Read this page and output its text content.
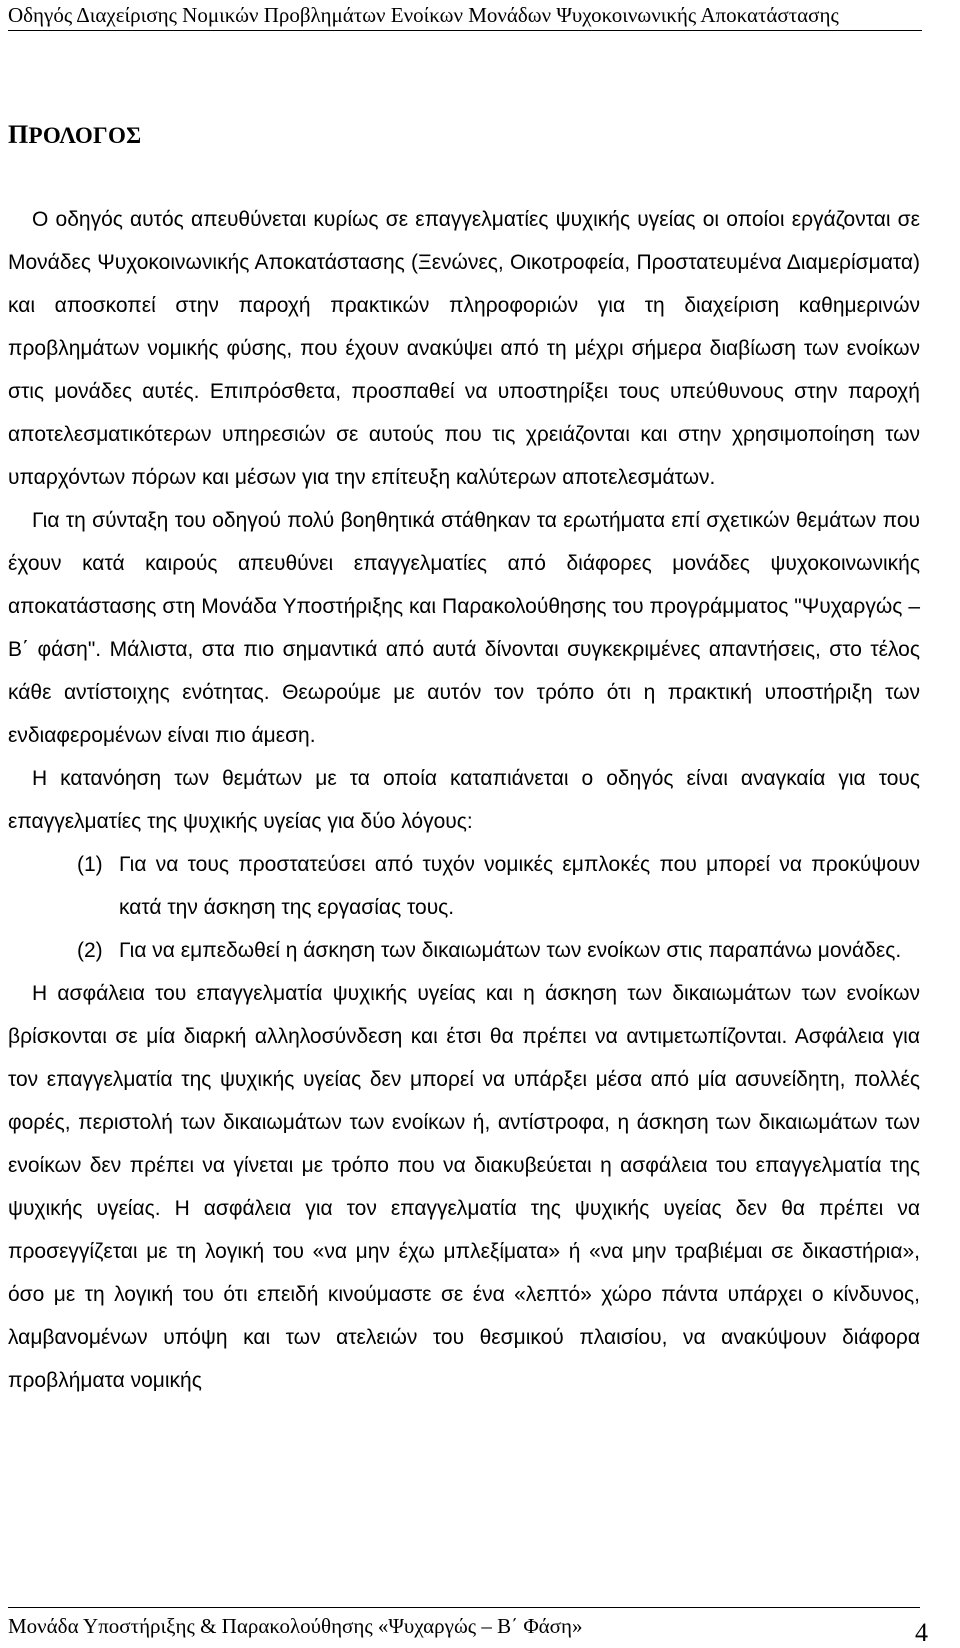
Οδηγός Διαχείρισης Νομικών Προβλημάτων Ενοίκων Μονάδων Ψυχοκοινωνικής Αποκατάστασης
ΠΡΟΛΟΓΟΣ

Ο οδηγός αυτός απευθύνεται κυρίως σε επαγγελματίες ψυχικής υγείας οι οποίοι εργάζονται σε Μονάδες Ψυχοκοινωνικής Αποκατάστασης (Ξενώνες, Οικοτροφεία, Προστατευμένα Διαμερίσματα) και αποσκοπεί στην παροχή πρακτικών πληροφοριών για τη διαχείριση καθημερινών προβλημάτων νομικής φύσης, που έχουν ανακύψει από τη μέχρι σήμερα διαβίωση των ενοίκων στις μονάδες αυτές. Επιπρόσθετα, προσπαθεί να υποστηρίξει τους υπεύθυνους στην παροχή αποτελεσματικότερων υπηρεσιών σε αυτούς που τις χρειάζονται και στην χρησιμοποίηση των υπαρχόντων πόρων και μέσων για την επίτευξη καλύτερων αποτελεσμάτων.

Για τη σύνταξη του οδηγού πολύ βοηθητικά στάθηκαν τα ερωτήματα επί σχετικών θεμάτων που έχουν κατά καιρούς απευθύνει επαγγελματίες από διάφορες μονάδες ψυχοκοινωνικής αποκατάστασης στη Μονάδα Υποστήριξης και Παρακολούθησης του προγράμματος "Ψυχαργώς – Β΄ φάση". Μάλιστα, στα πιο σημαντικά από αυτά δίνονται συγκεκριμένες απαντήσεις, στο τέλος κάθε αντίστοιχης ενότητας. Θεωρούμε με αυτόν τον τρόπο ότι η πρακτική υποστήριξη των ενδιαφερομένων είναι πιο άμεση.

Η κατανόηση των θεμάτων με τα οποία καταπιάνεται ο οδηγός είναι αναγκαία για τους επαγγελματίες της ψυχικής υγείας για δύο λόγους:

(1) Για να τους προστατεύσει από τυχόν νομικές εμπλοκές που μπορεί να προκύψουν κατά την άσκηση της εργασίας τους.
(2) Για να εμπεδωθεί η άσκηση των δικαιωμάτων των ενοίκων στις παραπάνω μονάδες.

Η ασφάλεια του επαγγελματία ψυχικής υγείας και η άσκηση των δικαιωμάτων των ενοίκων βρίσκονται σε μία διαρκή αλληλοσύνδεση και έτσι θα πρέπει να αντιμετωπίζονται. Ασφάλεια για τον επαγγελματία της ψυχικής υγείας δεν μπορεί να υπάρξει μέσα από μία ασυνείδητη, πολλές φορές, περιστολή των δικαιωμάτων των ενοίκων ή, αντίστροφα, η άσκηση των δικαιωμάτων των ενοίκων δεν πρέπει να γίνεται με τρόπο που να διακυβεύεται η ασφάλεια του επαγγελματία της ψυχικής υγείας. Η ασφάλεια για τον επαγγελματία της ψυχικής υγείας δεν θα πρέπει να προσεγγίζεται με τη λογική του «να μην έχω μπλεξίματα» ή «να μην τραβιέμαι σε δικαστήρια», όσο με τη λογική του ότι επειδή κινούμαστε σε ένα «λεπτό» χώρο πάντα υπάρχει ο κίνδυνος, λαμβανομένων υπόψη και των ατελειών του θεσμικού πλαισίου, να ανακύψουν διάφορα προβλήματα νομικής

Μονάδα Υποστήριξης & Παρακολούθησης «Ψυχαργώς – Β΄ Φάση»	4
